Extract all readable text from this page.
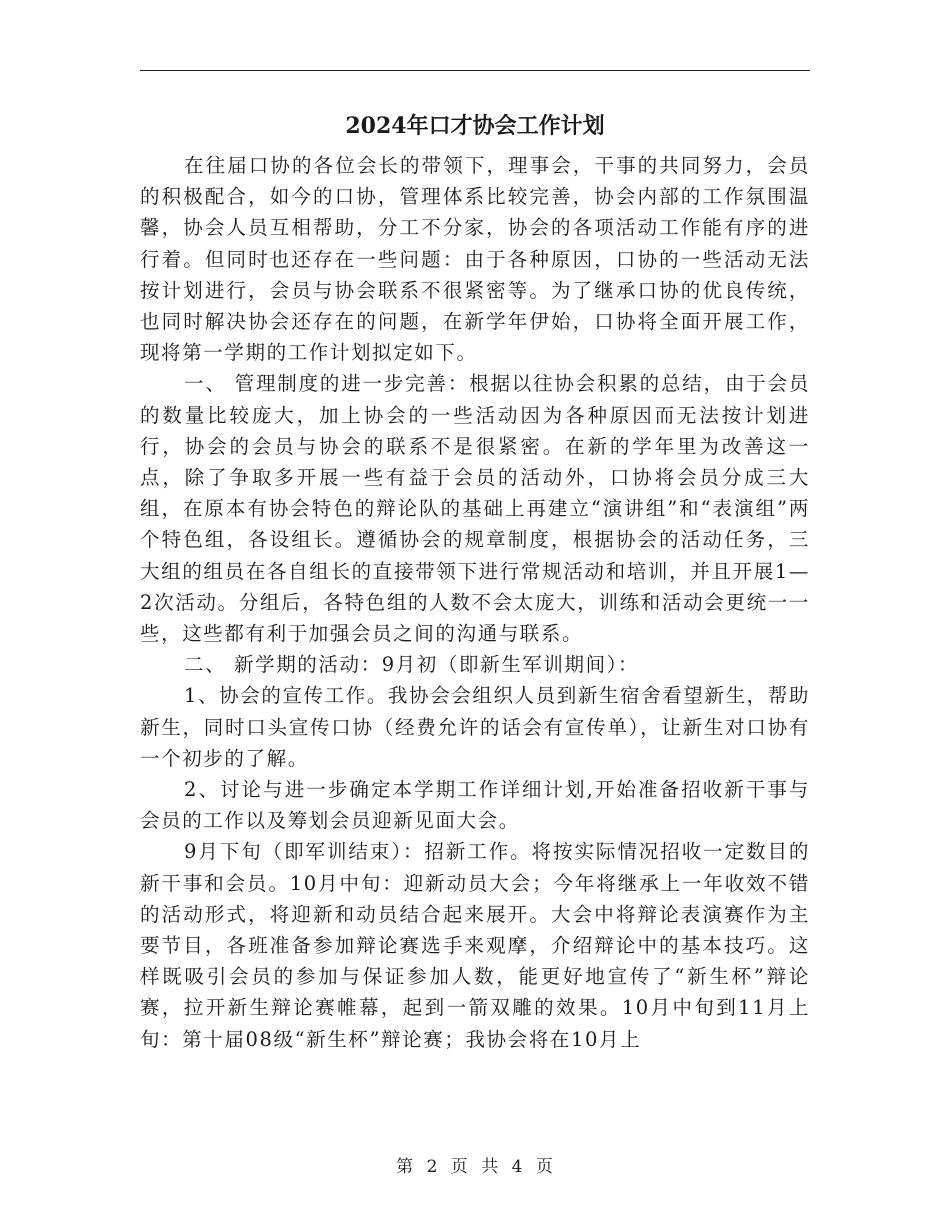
2024年口才协会工作计划

在往届口协的各位会长的带领下，理事会，干事的共同努力，会员的积极配合，如今的口协，管理体系比较完善，协会内部的工作氛围温馨，协会人员互相帮助，分工不分家，协会的各项活动工作能有序的进行着。但同时也还存在一些问题：由于各种原因，口协的一些活动无法按计划进行，会员与协会联系不很紧密等。为了继承口协的优良传统，也同时解决协会还存在的问题，在新学年伊始，口协将全面开展工作，现将第一学期的工作计划拟定如下。

一、 管理制度的进一步完善：根据以往协会积累的总结，由于会员的数量比较庞大，加上协会的一些活动因为各种原因而无法按计划进行，协会的会员与协会的联系不是很紧密。在新的学年里为改善这一点，除了争取多开展一些有益于会员的活动外，口协将会员分成三大组，在原本有协会特色的辩论队的基础上再建立“演讲组”和“表演组”两个特色组，各设组长。遵循协会的规章制度，根据协会的活动任务，三大组的组员在各自组长的直接带领下进行常规活动和培训，并且开展1—2次活动。分组后，各特色组的人数不会太庞大，训练和活动会更统一一些，这些都有利于加强会员之间的沟通与联系。

二、 新学期的活动：9月初（即新生军训期间）：

1、协会的宣传工作。我协会会组织人员到新生宿舍看望新生，帮助新生，同时口头宣传口协（经费允许的话会有宣传单），让新生对口协有一个初步的了解。

2、讨论与进一步确定本学期工作详细计划,开始准备招收新干事与会员的工作以及筹划会员迎新见面大会。

9月下旬（即军训结束）：招新工作。将按实际情况招收一定数目的新干事和会员。10月中旬：迎新动员大会；今年将继承上一年收效不错的活动形式，将迎新和动员结合起来展开。大会中将辩论表演赛作为主要节目，各班准备参加辩论赛选手来观摩，介绍辩论中的基本技巧。这样既吸引会员的参加与保证参加人数，能更好地宣传了“新生杯”辩论赛，拉开新生辩论赛帷幕，起到一箭双雕的效果。10月中旬到11月上旬：第十届08级“新生杯”辩论赛；我协会将在10月上

第 2 页 共 4 页
